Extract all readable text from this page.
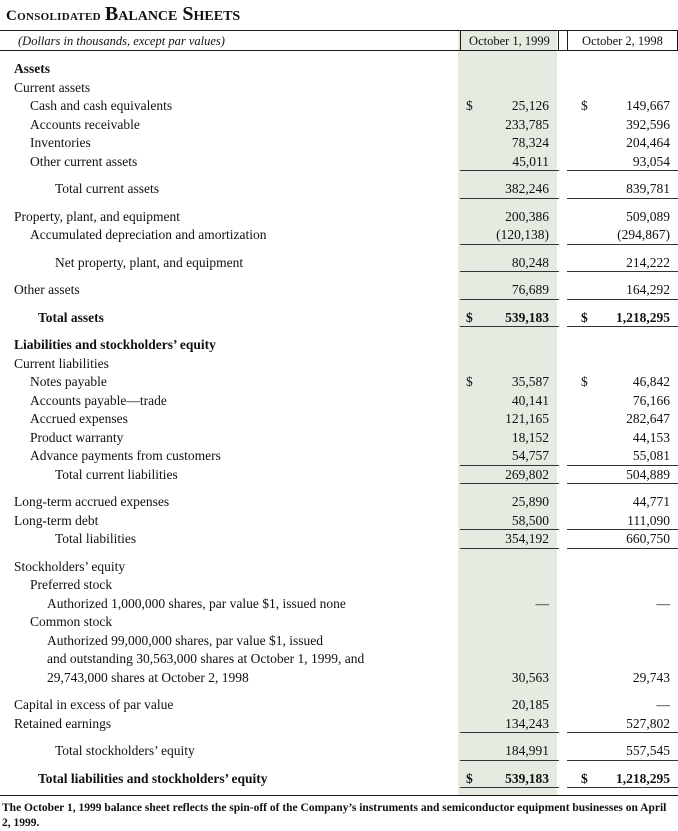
Consolidated Balance Sheets
(Dollars in thousands, except par values)	October 1, 1999	October 2, 1998
Assets
Current assets
Cash and cash equivalents	$	25,126 $	149,667
Accounts receivable	233,785	392,596
Inventories	78,324	204,464
Other current assets	45,011	93,054
Total current assets	382,246	839,781
Property, plant, and equipment	200,386	509,089
Accumulated depreciation and amortization	(120,138)	(294,867)
Net property, plant, and equipment	80,248	214,222
Other assets	76,689	164,292
Total assets	$ 539,183 $ 1,218,295
Liabilities and stockholders’ equity
Current liabilities
Notes payable	$	35,587 $	46,842
Accounts payable—trade	40,141	76,166
Accrued expenses	121,165	282,647
Product warranty	18,152	44,153
Advance payments from customers	54,757	55,081
Total current liabilities	269,802	504,889
Long-term accrued expenses	25,890	44,771
Long-term debt	58,500	111,090
Total liabilities	354,192	660,750
Stockholders’ equity
Preferred stock
Authorized 1,000,000 shares, par value $1, issued none	—	—
Common stock
Authorized 99,000,000 shares, par value $1, issued
and outstanding 30,563,000 shares at October 1, 1999, and
29,743,000 shares at October 2, 1998	30,563	29,743
Capital in excess of par value	20,185	—
Retained earnings	134,243	527,802
Total stockholders’ equity	184,991	557,545
Total liabilities and stockholders’ equity	$ 539,183 $ 1,218,295
The October 1, 1999 balance sheet reflects the spin-off of the Company’s instruments and semiconductor equipment businesses on April 2, 1999.
